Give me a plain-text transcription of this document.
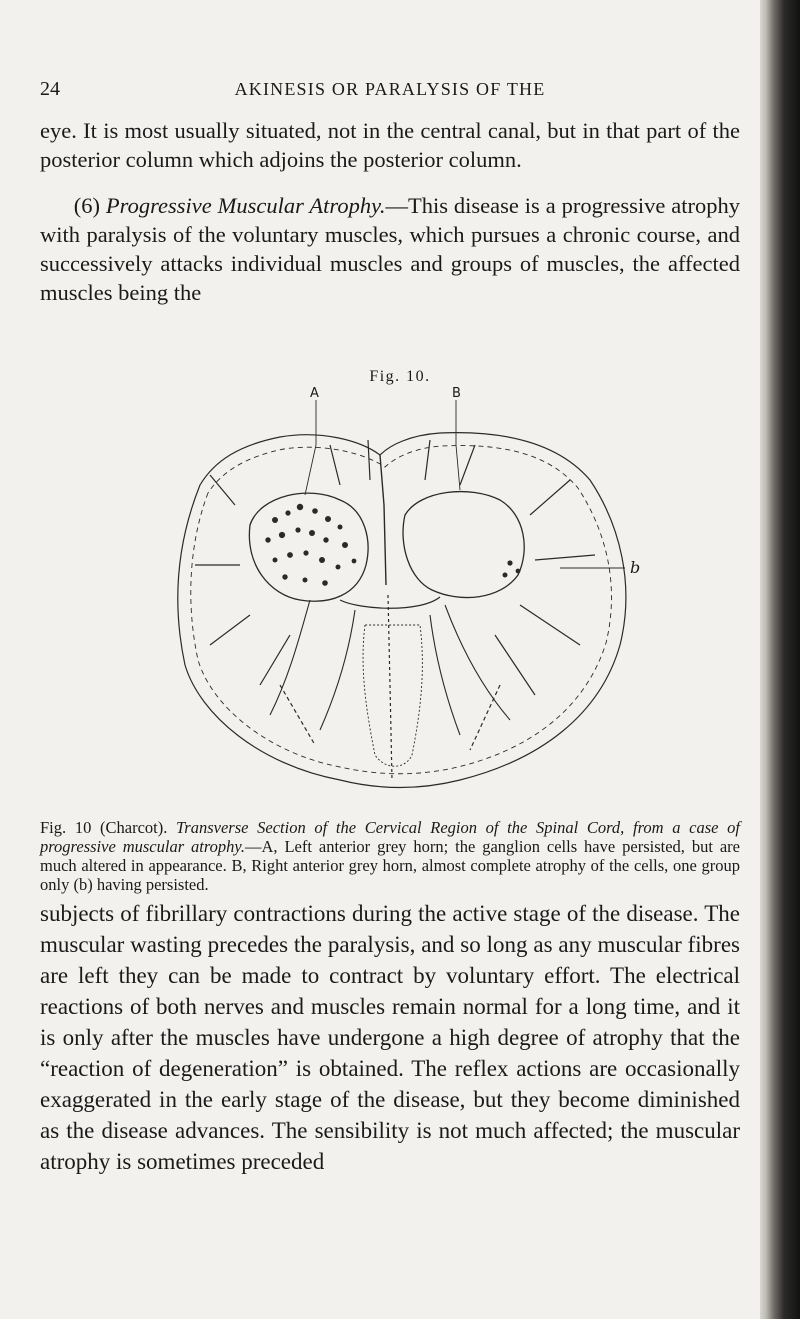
24	AKINESIS OR PARALYSIS OF THE

eye. It is most usually situated, not in the central canal, but in that part of the posterior column which adjoins the posterior column.

(6) Progressive Muscular Atrophy.—This disease is a progressive atrophy with paralysis of the voluntary muscles, which pursues a chronic course, and successively attacks individual muscles and groups of muscles, the affected muscles being the

Fig. 10.
A	B
b

Fig. 10 (Charcot). Transverse Section of the Cervical Region of the Spinal Cord, from a case of progressive muscular atrophy.—A, Left anterior grey horn; the ganglion cells have persisted, but are much altered in appearance. B, Right anterior grey horn, almost complete atrophy of the cells, one group only (b) having persisted.

subjects of fibrillary contractions during the active stage of the disease. The muscular wasting precedes the paralysis, and so long as any muscular fibres are left they can be made to contract by voluntary effort. The electrical reactions of both nerves and muscles remain normal for a long time, and it is only after the muscles have undergone a high degree of atrophy that the “reaction of degeneration” is obtained. The reflex actions are occasionally exaggerated in the early stage of the disease, but they become diminished as the disease advances. The sensibility is not much affected; the muscular atrophy is sometimes preceded
